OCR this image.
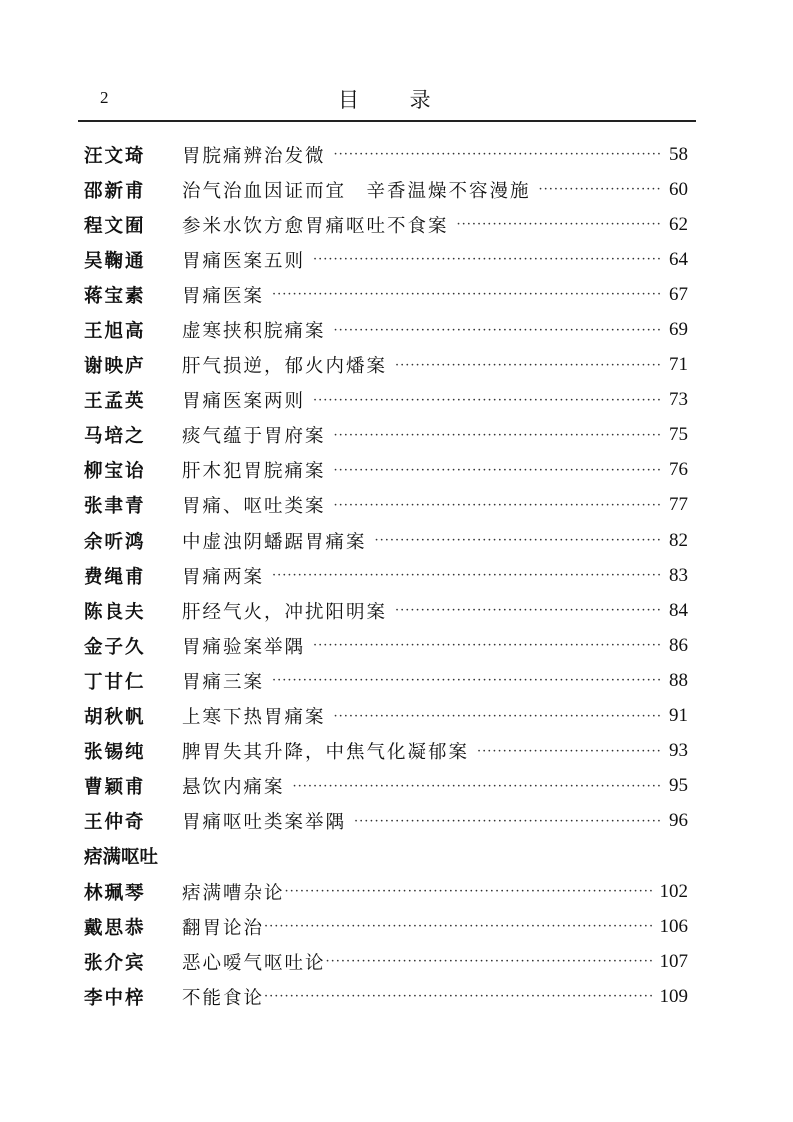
2	目 录
汪文琦	胃脘痛辨治发微 ·····	58
邵新甫	治气治血因证而宜　辛香温燥不容漫施 ·····	60
程文囿	参米水饮方愈胃痛呕吐不食案 ·····	62
吴鞠通	胃痛医案五则 ·····	64
蒋宝素	胃痛医案 ·····	67
王旭高	虚寒挟积脘痛案 ·····	69
谢映庐	肝气损逆，郁火内燔案 ·····	71
王孟英	胃痛医案两则 ·····	73
马培之	痰气蕴于胃府案 ·····	75
柳宝诒	肝木犯胃脘痛案 ·····	76
张聿青	胃痛、呕吐类案 ·····	77
余听鸿	中虚浊阴蟠踞胃痛案 ·····	82
费绳甫	胃痛两案 ·····	83
陈良夫	肝经气火，冲扰阳明案 ·····	84
金子久	胃痛验案举隅 ·····	86
丁甘仁	胃痛三案 ·····	88
胡秋帆	上寒下热胃痛案 ·····	91
张锡纯	脾胃失其升降，中焦气化凝郁案 ·····	93
曹颖甫	悬饮内痛案 ·····	95
王仲奇	胃痛呕吐类案举隅 ·····	96
痞满呕吐
林珮琴	痞满嘈杂论 ·····	102
戴思恭	翻胃论治 ·····	106
张介宾	恶心嗳气呕吐论 ·····	107
李中梓	不能食论 ·····	109
